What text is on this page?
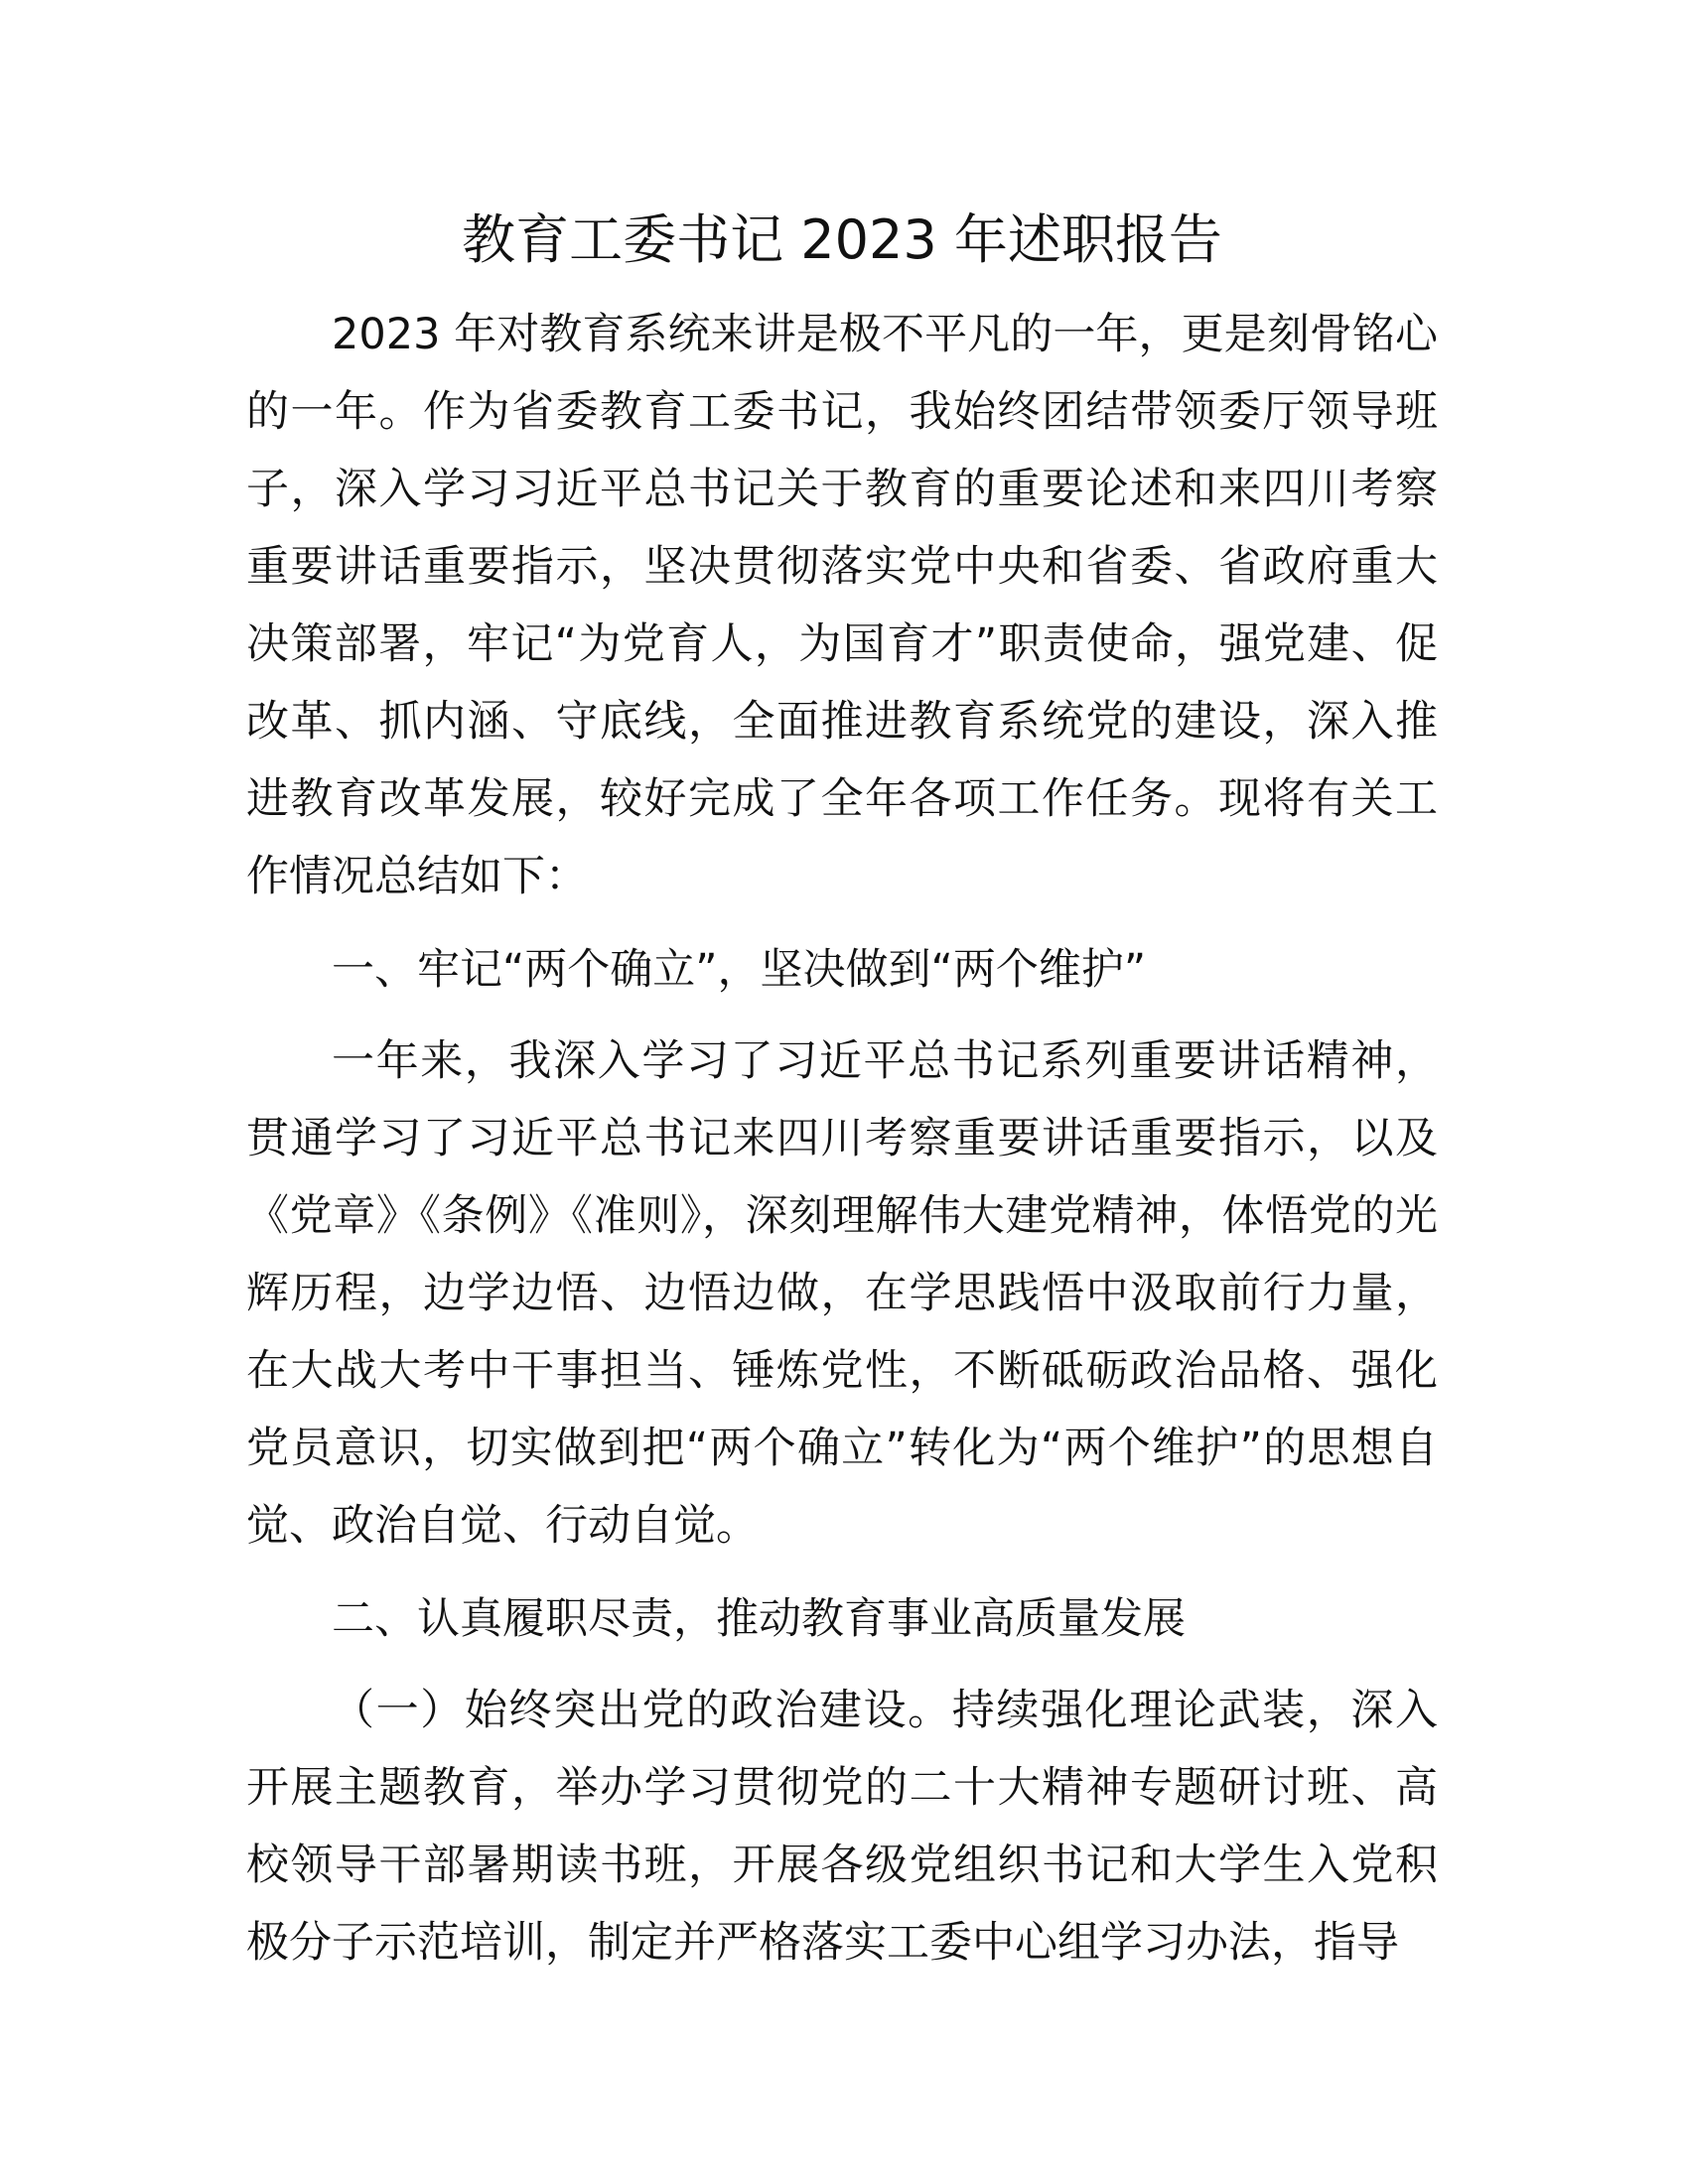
教育工委书记 2023 年述职报告

2023 年对教育系统来讲是极不平凡的一年，更是刻骨铭心的一年。作为省委教育工委书记，我始终团结带领委厅领导班子，深入学习习近平总书记关于教育的重要论述和来四川考察重要讲话重要指示，坚决贯彻落实党中央和省委、省政府重大决策部署，牢记“为党育人，为国育才”职责使命，强党建、促改革、抓内涵、守底线，全面推进教育系统党的建设，深入推进教育改革发展，较好完成了全年各项工作任务。现将有关工作情况总结如下：

一、牢记“两个确立”，坚决做到“两个维护”

一年来，我深入学习了习近平总书记系列重要讲话精神，贯通学习了习近平总书记来四川考察重要讲话重要指示，以及《党章》《条例》《准则》，深刻理解伟大建党精神，体悟党的光辉历程，边学边悟、边悟边做，在学思践悟中汲取前行力量，在大战大考中干事担当、锤炼党性，不断砥砺政治品格、强化党员意识，切实做到把“两个确立”转化为“两个维护”的思想自觉、政治自觉、行动自觉。

二、认真履职尽责，推动教育事业高质量发展

（一）始终突出党的政治建设。持续强化理论武装，深入开展主题教育，举办学习贯彻党的二十大精神专题研讨班、高校领导干部暑期读书班，开展各级党组织书记和大学生入党积极分子示范培训，制定并严格落实工委中心组学习办法，指导
